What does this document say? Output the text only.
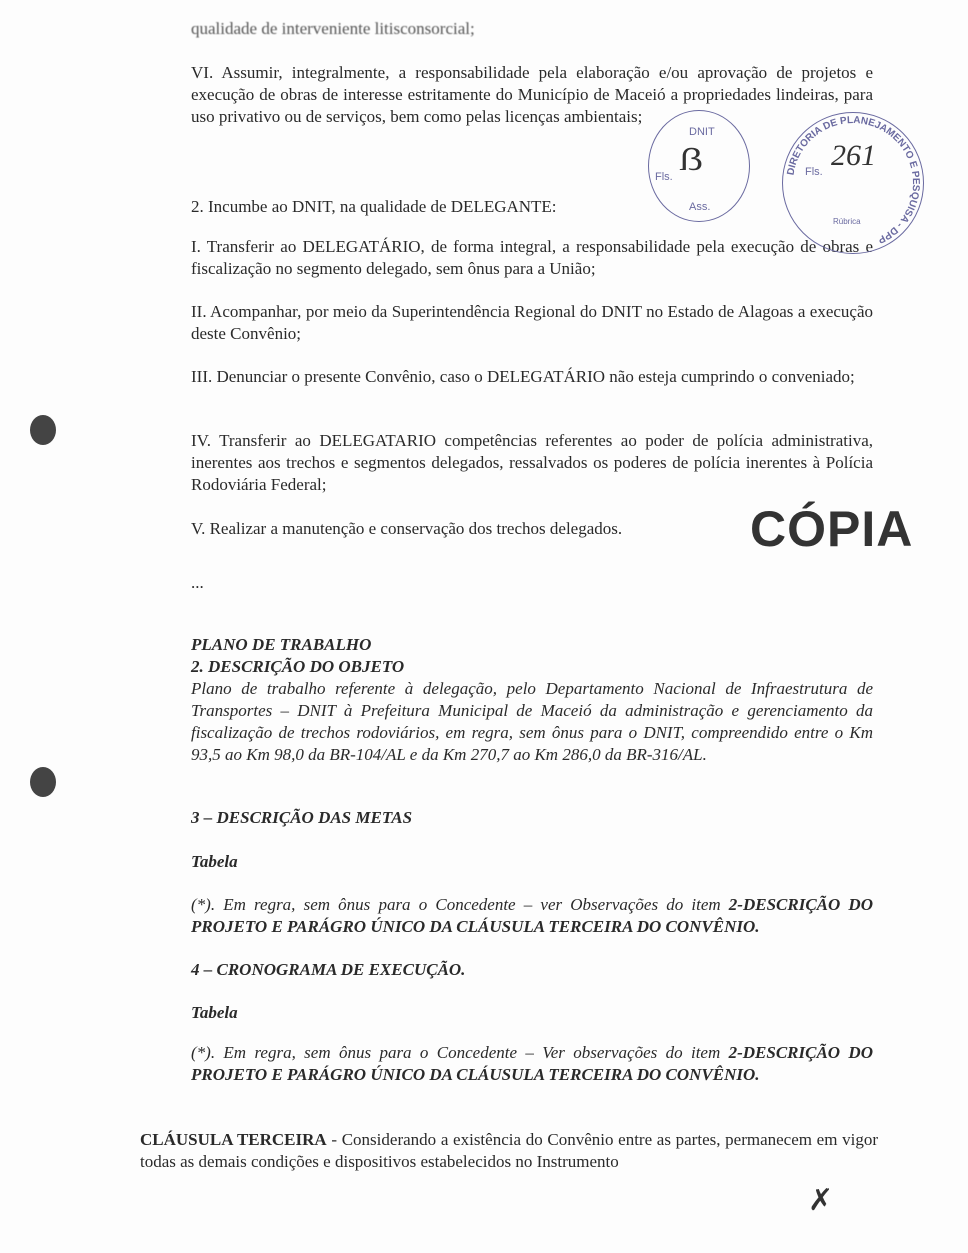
qualidade de interveniente litisconsorcial;
VI. Assumir, integralmente, a responsabilidade pela elaboração e/ou aprovação de projetos e execução de obras de interesse estritamente do Município de Maceió a propriedades lindeiras, para uso privativo ou de serviços, bem como pelas licenças ambientais;
2. Incumbe ao DNIT, na qualidade de DELEGANTE:
I. Transferir ao DELEGATÁRIO, de forma integral, a responsabilidade pela execução de obras e fiscalização no segmento delegado, sem ônus para a União;
II. Acompanhar, por meio da Superintendência Regional do DNIT no Estado de Alagoas a execução deste Convênio;
III. Denunciar o presente Convênio, caso o DELEGATÁRIO não esteja cumprindo o conveniado;
IV. Transferir ao DELEGATARIO competências referentes ao poder de polícia administrativa, inerentes aos trechos e segmentos delegados, ressalvados os poderes de polícia inerentes à Polícia Rodoviária Federal;
V. Realizar a manutenção e conservação dos trechos delegados.
...
PLANO DE TRABALHO
2. DESCRIÇÃO DO OBJETO
Plano de trabalho referente à delegação, pelo Departamento Nacional de Infraestrutura de Transportes – DNIT à Prefeitura Municipal de Maceió da administração e gerenciamento da fiscalização de trechos rodoviários, em regra, sem ônus para o DNIT, compreendido entre o Km 93,5 ao Km 98,0 da BR-104/AL e da Km 270,7 ao Km 286,0 da BR-316/AL.
3 – DESCRIÇÃO DAS METAS
Tabela
(*). Em regra, sem ônus para o Concedente – ver Observações do item 2-DESCRIÇÃO DO PROJETO E PARÁGRO ÚNICO DA CLÁUSULA TERCEIRA DO CONVÊNIO.
4 – CRONOGRAMA DE EXECUÇÃO.
Tabela
(*). Em regra, sem ônus para o Concedente – Ver observações do item 2-DESCRIÇÃO DO PROJETO E PARÁGRO ÚNICO DA CLÁUSULA TERCEIRA DO CONVÊNIO.
CLÁUSULA TERCEIRA - Considerando a existência do Convênio entre as partes, permanecem em vigor todas as demais condições e dispositivos estabelecidos no Instrumento
CÓPIA
DNIT
Fls.
Ass.
ẞ	DIRETORIA DE PLANEJAMENTO E PESQUISA - DPP
Fls. 261
Rúbrica
✗
